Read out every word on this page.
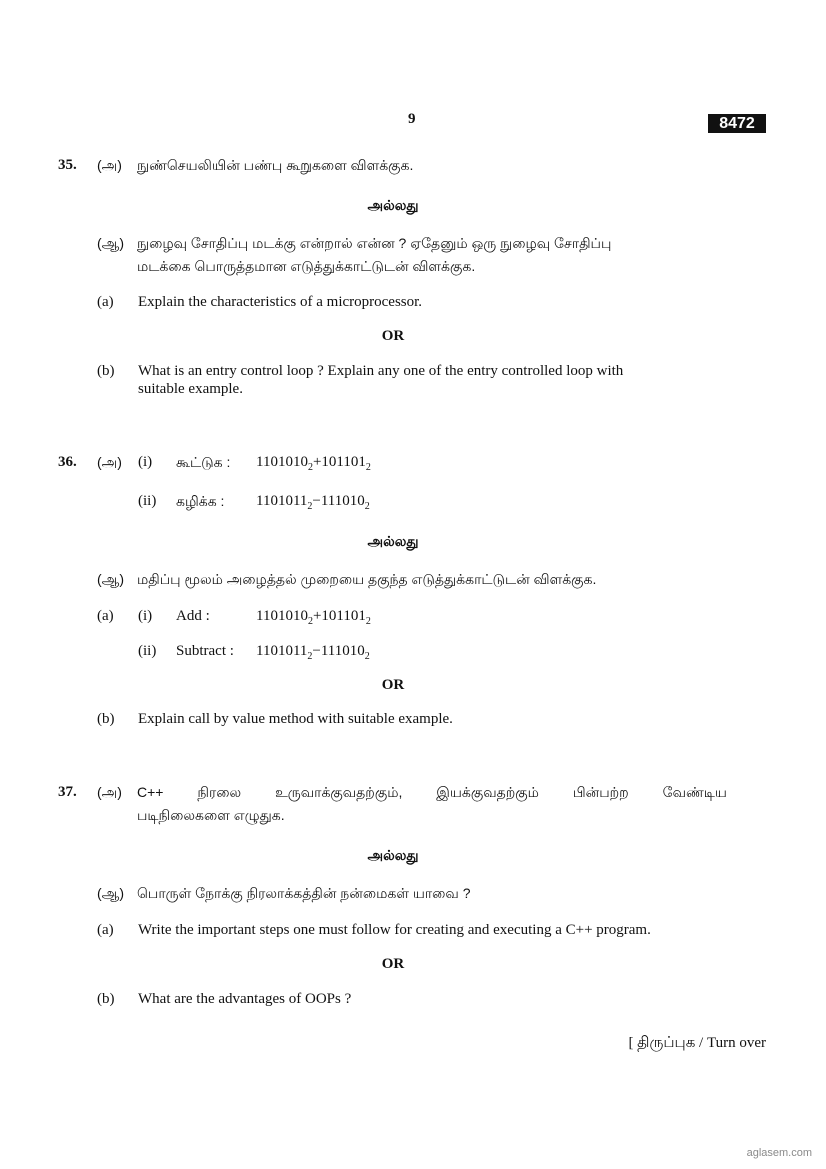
9	8472
35. (அ) நுண்செயலியின் பண்பு கூறுகளை விளக்குக.
அல்லது
(ஆ) நுழைவு சோதிப்பு மடக்கு என்றால் என்ன ? ஏதேனும் ஒரு நுழைவு சோதிப்பு
மடக்கை பொருத்தமான எடுத்துக்காட்டுடன் விளக்குக.
(a) Explain the characteristics of a microprocessor.
OR
(b) What is an entry control loop ? Explain any one of the entry controlled loop with
suitable example.
36. (அ) (i) கூட்டுக : $1101010_2+101101_2$
(ii) கழிக்க : $1101011_2-111010_2$
அல்லது
(ஆ) மதிப்பு மூலம் அழைத்தல் முறையை தகுந்த எடுத்துக்காட்டுடன் விளக்குக.
(a) (i) Add :	$1101010_2+101101_2$
(ii) Subtract : $1101011_2-111010_2$
OR
(b) Explain call by value method with suitable example.
37. (அ) C++ நிரலை உருவாக்குவதற்கும், இயக்குவதற்கும் பின்பற்ற வேண்டிய
படிநிலைகளை எழுதுக.
அல்லது
(ஆ) பொருள் நோக்கு நிரலாக்கத்தின் நன்மைகள் யாவை ?
(a) Write the important steps one must follow for creating and executing a C++ program.
OR
(b) What are the advantages of OOPs ?
[ திருப்புக / Turn over
aglasem.com
